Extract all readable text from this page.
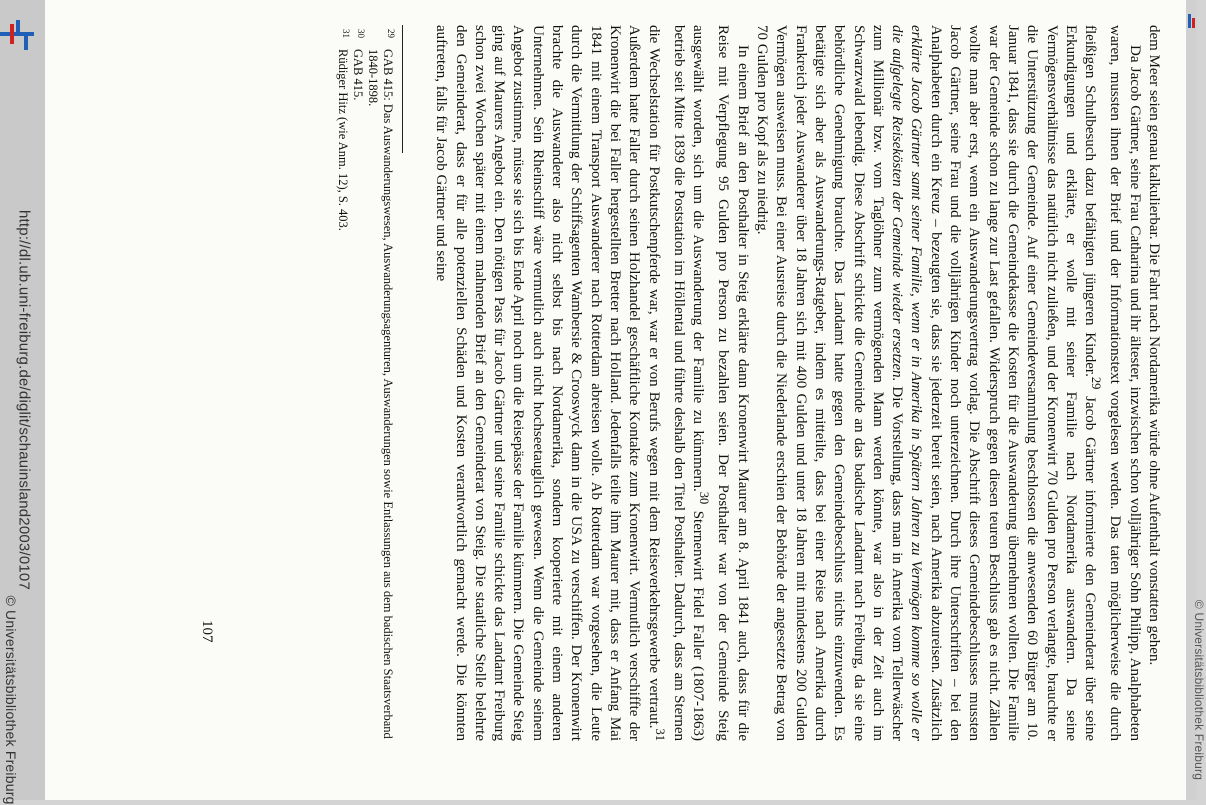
http://dl.ub.uni-freiburg.de/diglit/schauinsland2003/0107
© Universitätsbibliothek Freiburg	© Universitätsbibliothek Freiburg

dem Meer seien genau kalkulierbar. Die Fahrt nach Nordamerika würde ohne Aufenthalt vonstatten gehen.

Da Jacob Gärtner, seine Frau Catharina und ihr ältester, inzwischen schon volljähriger Sohn Philipp, Analphabeten waren, mussten ihnen der Brief und der Informationstext vorgelesen werden. Das taten möglicherweise die durch fleißigen Schulbesuch dazu befähigten jüngeren Kinder.$^{29}$ Jacob Gärtner informierte den Gemeinderat über seine Erkundigungen und erklärte, er wolle mit seiner Familie nach Nordamerika auswandern. Da seine Vermögensverhältnisse das natürlich nicht zuließen, und der Kronenwirt 70 Gulden pro Person verlangte, brauchte er die Unterstützung der Gemeinde. Auf einer Gemeindeversammlung beschlossen die anwesenden 60 Bürger am 10. Januar 1841, dass sie durch die Gemeindekasse die Kosten für die Auswanderung übernehmen wollten. Die Familie war der Gemeinde schon zu lange zur Last gefallen. Widerspruch gegen diesen teuren Beschluss gab es nicht. Zählen wollte man aber erst, wenn ein Auswanderungsvertrag vorlag. Die Abschrift dieses Gemeindebeschlusses mussten Jacob Gärtner, seine Frau und die volljährigen Kinder noch unterzeichnen. Durch ihre Unterschriften – bei den Analphabeten durch ein Kreuz – bezeugten sie, dass sie jederzeit bereit seien, nach Amerika abzureisen. Zusätzlich erklärte Jacob Gärtner samt seiner Familie, wenn er in Amerika in Spätern Jahren zu Vermögen komme so wolle er die aufgelegte Reisekösten der Gemeinde wieder ersetzen. Die Vorstellung, dass man in Amerika vom Tellerwäscher zum Millionär bzw. vom Taglöhner zum vermögenden Mann werden könnte, war also in der Zeit auch im Schwarzwald lebendig. Diese Abschrift schickte die Gemeinde an das badische Landamt nach Freiburg, da sie eine behördliche Genehmigung brauchte. Das Landamt hatte gegen den Gemeindebeschluss nichts einzuwenden. Es betätigte sich aber als Auswanderungs-Ratgeber, indem es mitteilte, dass bei einer Reise nach Amerika durch Frankreich jeder Auswanderer über 18 Jahren sich mit 400 Gulden und unter 18 Jahren mit mindestens 200 Gulden Vermögen ausweisen muss. Bei einer Ausreise durch die Niederlande erschien der Behörde der angesetzte Betrag von 70 Gulden pro Kopf als zu niedrig.

In einem Brief an den Posthalter in Steig erklärte dann Kronenwirt Maurer am 8. April 1841 auch, dass für die Reise mit Verpflegung 95 Gulden pro Person zu bezahlen seien. Der Posthalter war von der Gemeinde Steig ausgewählt worden, sich um die Auswanderung der Familie zu kümmern.$^{30}$ Sternenwirt Fidel Faller (1807-1863) betrieb seit Mitte 1839 die Poststation im Höllental und führte deshalb den Titel Posthalter. Dadurch, dass am Sternen die Wechselstation für Postkutschenpferde war, war er von Berufs wegen mit dem Reiseverkehrsgewerbe vertraut.$^{31}$ Außerdem hatte Faller durch seinen Holzhandel geschäftliche Kontakte zum Kronenwirt. Vermutlich verschiffte der Kronenwirt die bei Faller hergestellten Bretter nach Holland. Jedenfalls teilte ihm Maurer mit, dass er Anfang Mai 1841 mit einem Transport Auswanderer nach Rotterdam abreisen wolle. Ab Rotterdam war vorgesehen, die Leute durch die Vermittlung der Schiffsagenten Wambersie & Crooswyck dann in die USA zu verschiffen. Der Kronenwirt brachte die Auswanderer also nicht selbst bis nach Nordamerika, sondern kooperierte mit einem anderen Unternehmen. Sein Rheinschiff wäre vermutlich auch nicht hochseetauglich gewesen. Wenn die Gemeinde seinem Angebot zustimme, müsse sie sich bis Ende April noch um die Reisepässe der Familie kümmern. Die Gemeinde Steig ging auf Maurers Angebot ein. Den nötigen Pass für Jacob Gärtner und seine Familie schickte das Landamt Freiburg schon zwei Wochen später mit einem mahnenden Brief an den Gemeinderat von Steig. Die staatliche Stelle belehrte den Gemeinderat, dass er für alle potenziellen Schäden und Kosten verantwortlich gemacht werde. Die könnten auftreten, falls für Jacob Gärtner und seine

29
GAB 415: Das Auswanderungswesen, Auswanderungsagenturen, Auswanderungen sowie Entlassungen aus dem badischen Staatsverband 1840-1898.
30
GAB 415.
31
Rüdiger Hitz (wie Anm. 12), S. 403.
107
